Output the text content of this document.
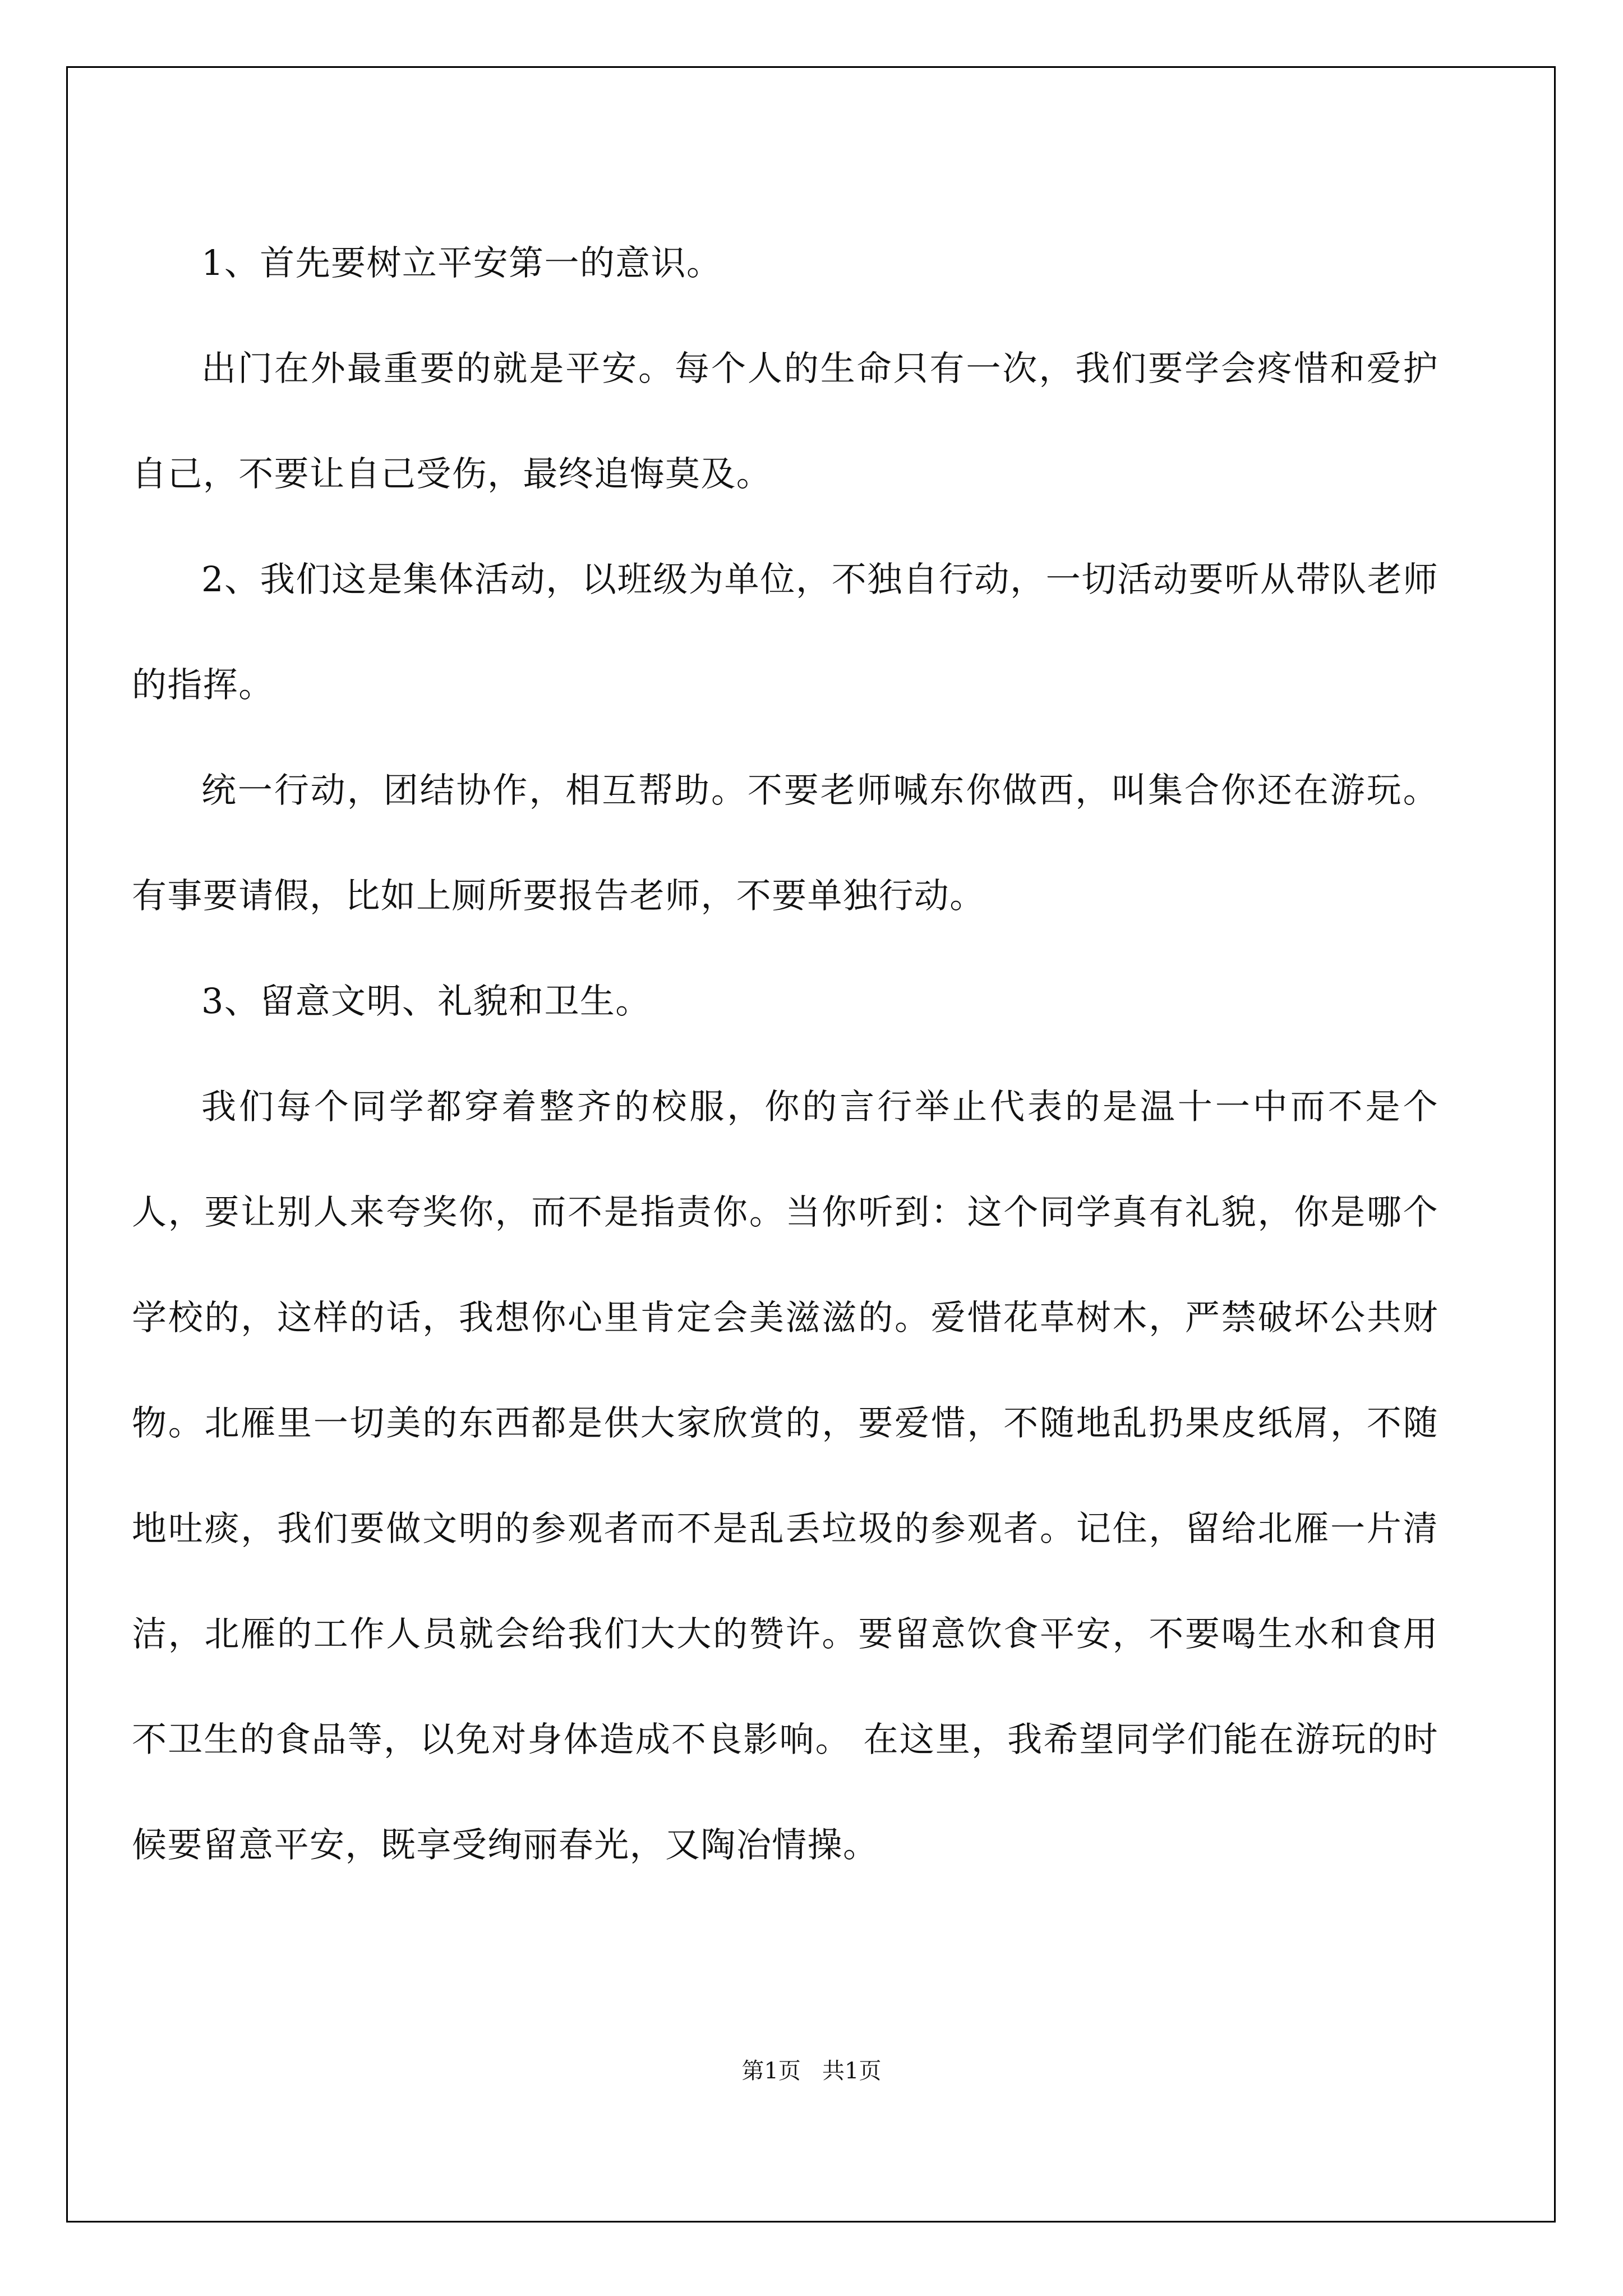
1、首先要树立平安第一的意识。

出门在外最重要的就是平安。每个人的生命只有一次，我们要学会疼惜和爱护自己，不要让自己受伤，最终追悔莫及。

2、我们这是集体活动，以班级为单位，不独自行动，一切活动要听从带队老师的指挥。

统一行动，团结协作，相互帮助。不要老师喊东你做西，叫集合你还在游玩。有事要请假，比如上厕所要报告老师，不要单独行动。

3、留意文明、礼貌和卫生。

我们每个同学都穿着整齐的校服，你的言行举止代表的是温十一中而不是个人，要让别人来夸奖你，而不是指责你。当你听到：这个同学真有礼貌，你是哪个学校的，这样的话，我想你心里肯定会美滋滋的。爱惜花草树木，严禁破坏公共财物。北雁里一切美的东西都是供大家欣赏的，要爱惜，不随地乱扔果皮纸屑，不随地吐痰，我们要做文明的参观者而不是乱丢垃圾的参观者。记住，留给北雁一片清洁，北雁的工作人员就会给我们大大的赞许。要留意饮食平安，不要喝生水和食用不卫生的食品等，以免对身体造成不良影响。 在这里，我希望同学们能在游玩的时候要留意平安，既享受绚丽春光，又陶冶情操。

第1页   共1页
